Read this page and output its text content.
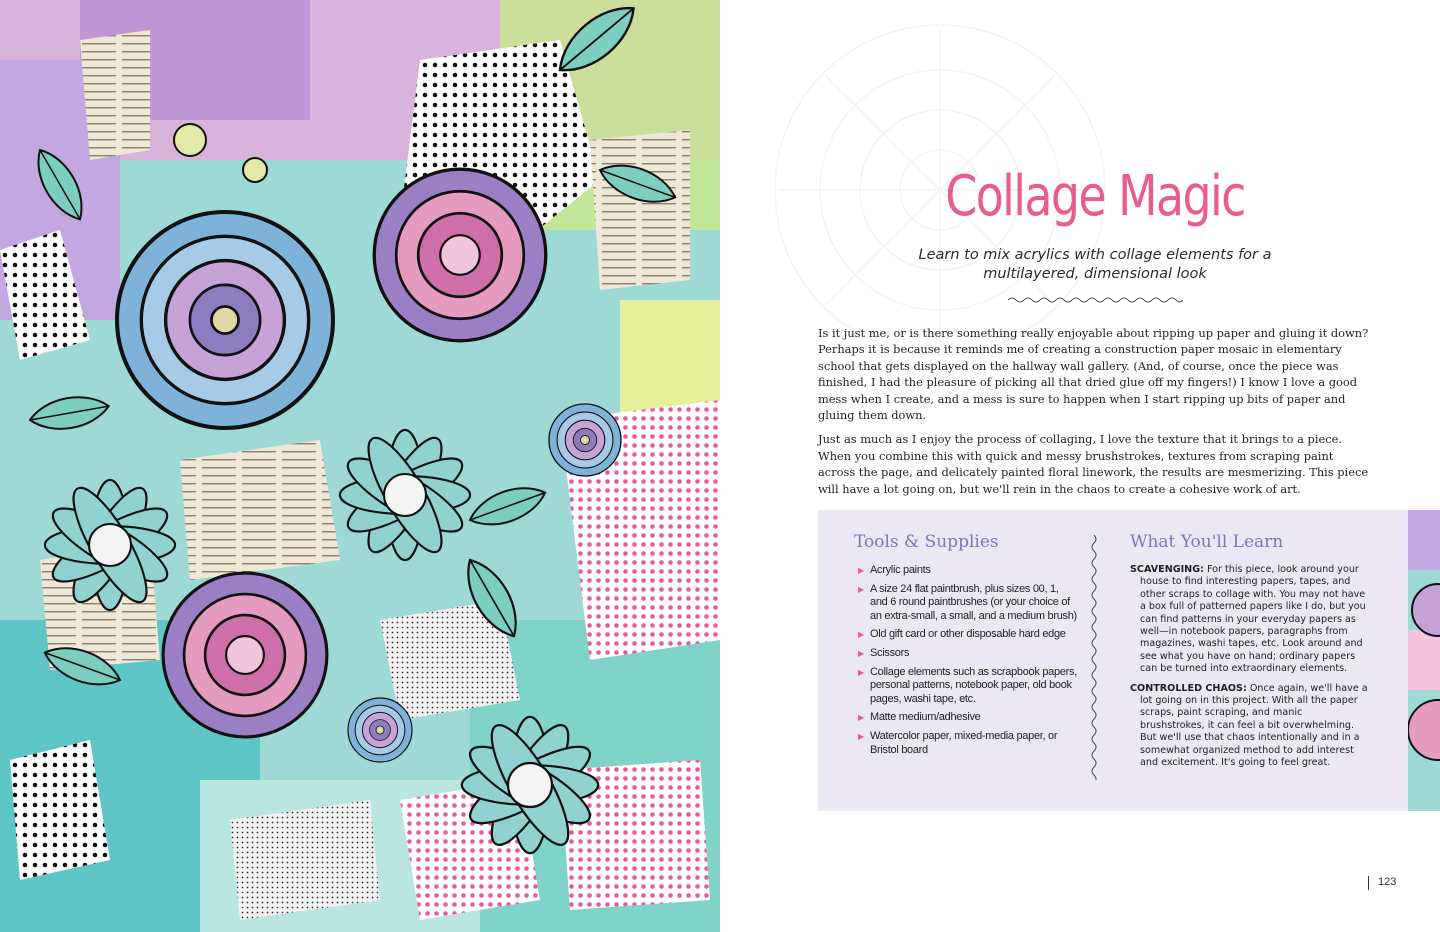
Collage Magic

Learn to mix acrylics with collage elements for a multilayered, dimensional look

Is it just me, or is there something really enjoyable about ripping up paper and gluing it down? Perhaps it is because it reminds me of creating a construction paper mosaic in elementary school that gets displayed on the hallway wall gallery. (And, of course, once the piece was finished, I had the pleasure of picking all that dried glue off my fingers!) I know I love a good mess when I create, and a mess is sure to happen when I start ripping up bits of paper and gluing them down.

Just as much as I enjoy the process of collaging, I love the texture that it brings to a piece. When you combine this with quick and messy brushstrokes, textures from scraping paint across the page, and delicately painted floral linework, the results are mesmerizing. This piece will have a lot going on, but we'll rein in the chaos to create a cohesive work of art.

Tools & Supplies
▶ Acrylic paints
▶ A size 24 flat paintbrush, plus sizes 00, 1, and 6 round paintbrushes (or your choice of an extra-small, a small, and a medium brush)
▶ Old gift card or other disposable hard edge
▶ Scissors
▶ Collage elements such as scrapbook papers, personal patterns, notebook paper, old book pages, washi tape, etc.
▶ Matte medium/adhesive
▶ Watercolor paper, mixed-media paper, or Bristol board
What You'll Learn

SCAVENGING: For this piece, look around your house to find interesting papers, tapes, and other scraps to collage with. You may not have a box full of patterned papers like I do, but you can find patterns in your everyday papers as well—in notebook papers, paragraphs from magazines, washi tapes, etc. Look around and see what you have on hand; ordinary papers can be turned into extraordinary elements.

CONTROLLED CHAOS: Once again, we'll have a lot going on in this project. With all the paper scraps, paint scraping, and manic brushstrokes, it can feel a bit overwhelming. But we'll use that chaos intentionally and in a somewhat organized method to add interest and excitement. It's going to feel great.

123
